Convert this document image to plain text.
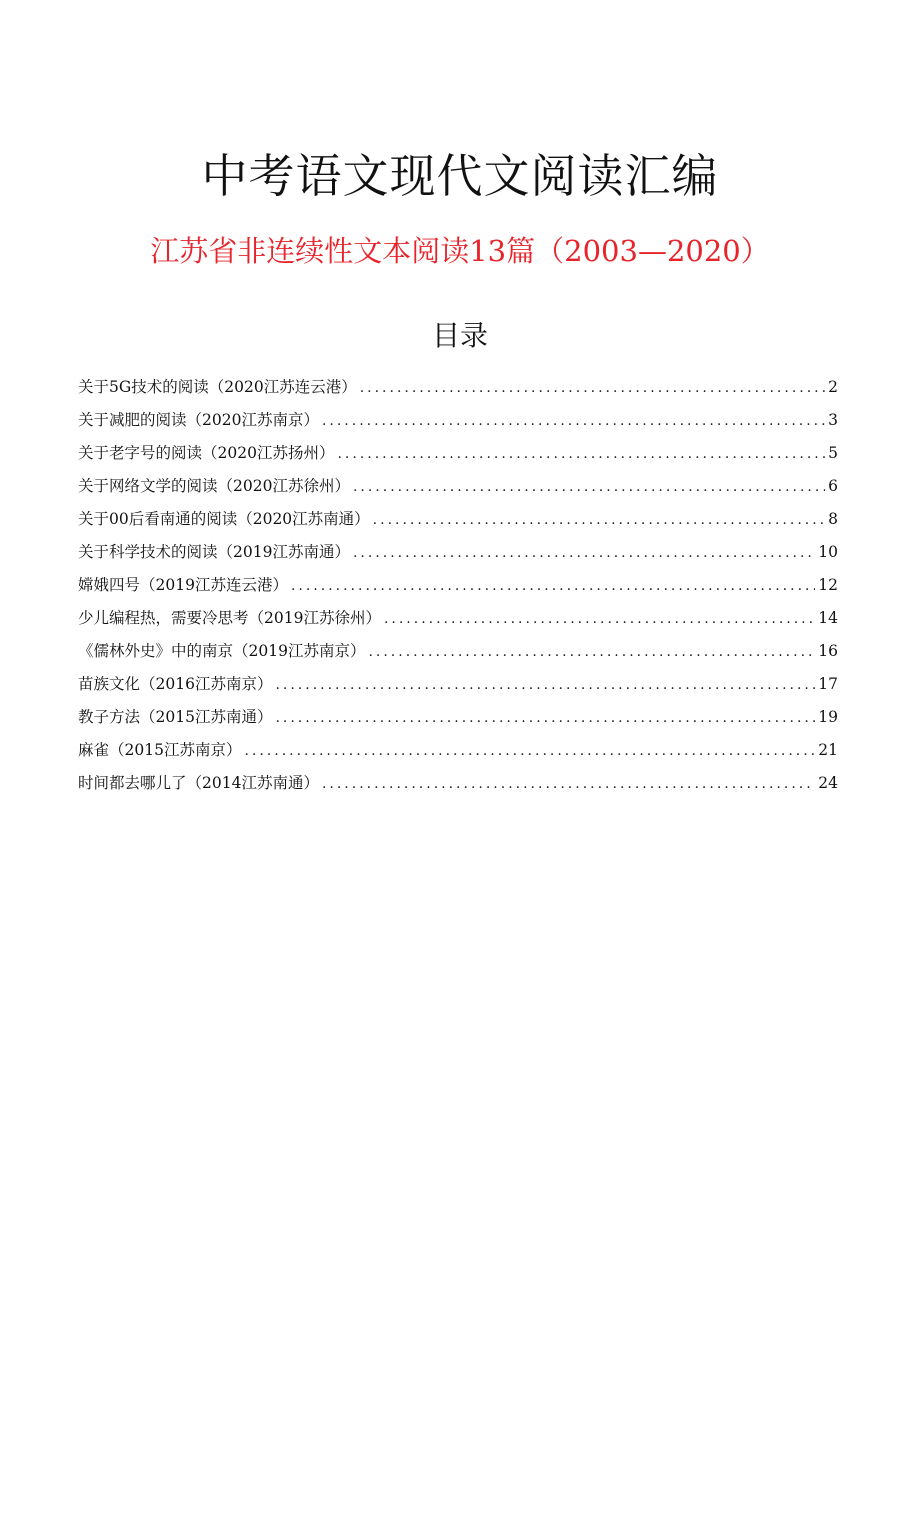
中考语文现代文阅读汇编
江苏省非连续性文本阅读13篇（2003—2020）
目录
关于5G技术的阅读（2020江苏连云港） .....	2
关于减肥的阅读（2020江苏南京） .....	3
关于老字号的阅读（2020江苏扬州） .....	5
关于网络文学的阅读（2020江苏徐州） .....	6
关于00后看南通的阅读（2020江苏南通） .....	8
关于科学技术的阅读（2019江苏南通） .....	10
嫦娥四号（2019江苏连云港） .....	12
少儿编程热，需要冷思考（2019江苏徐州） .....	14
《儒林外史》中的南京（2019江苏南京） .....	16
苗族文化（2016江苏南京） .....	17
教子方法（2015江苏南通） .....	19
麻雀（2015江苏南京） .....	21
时间都去哪儿了（2014江苏南通） .....	24
